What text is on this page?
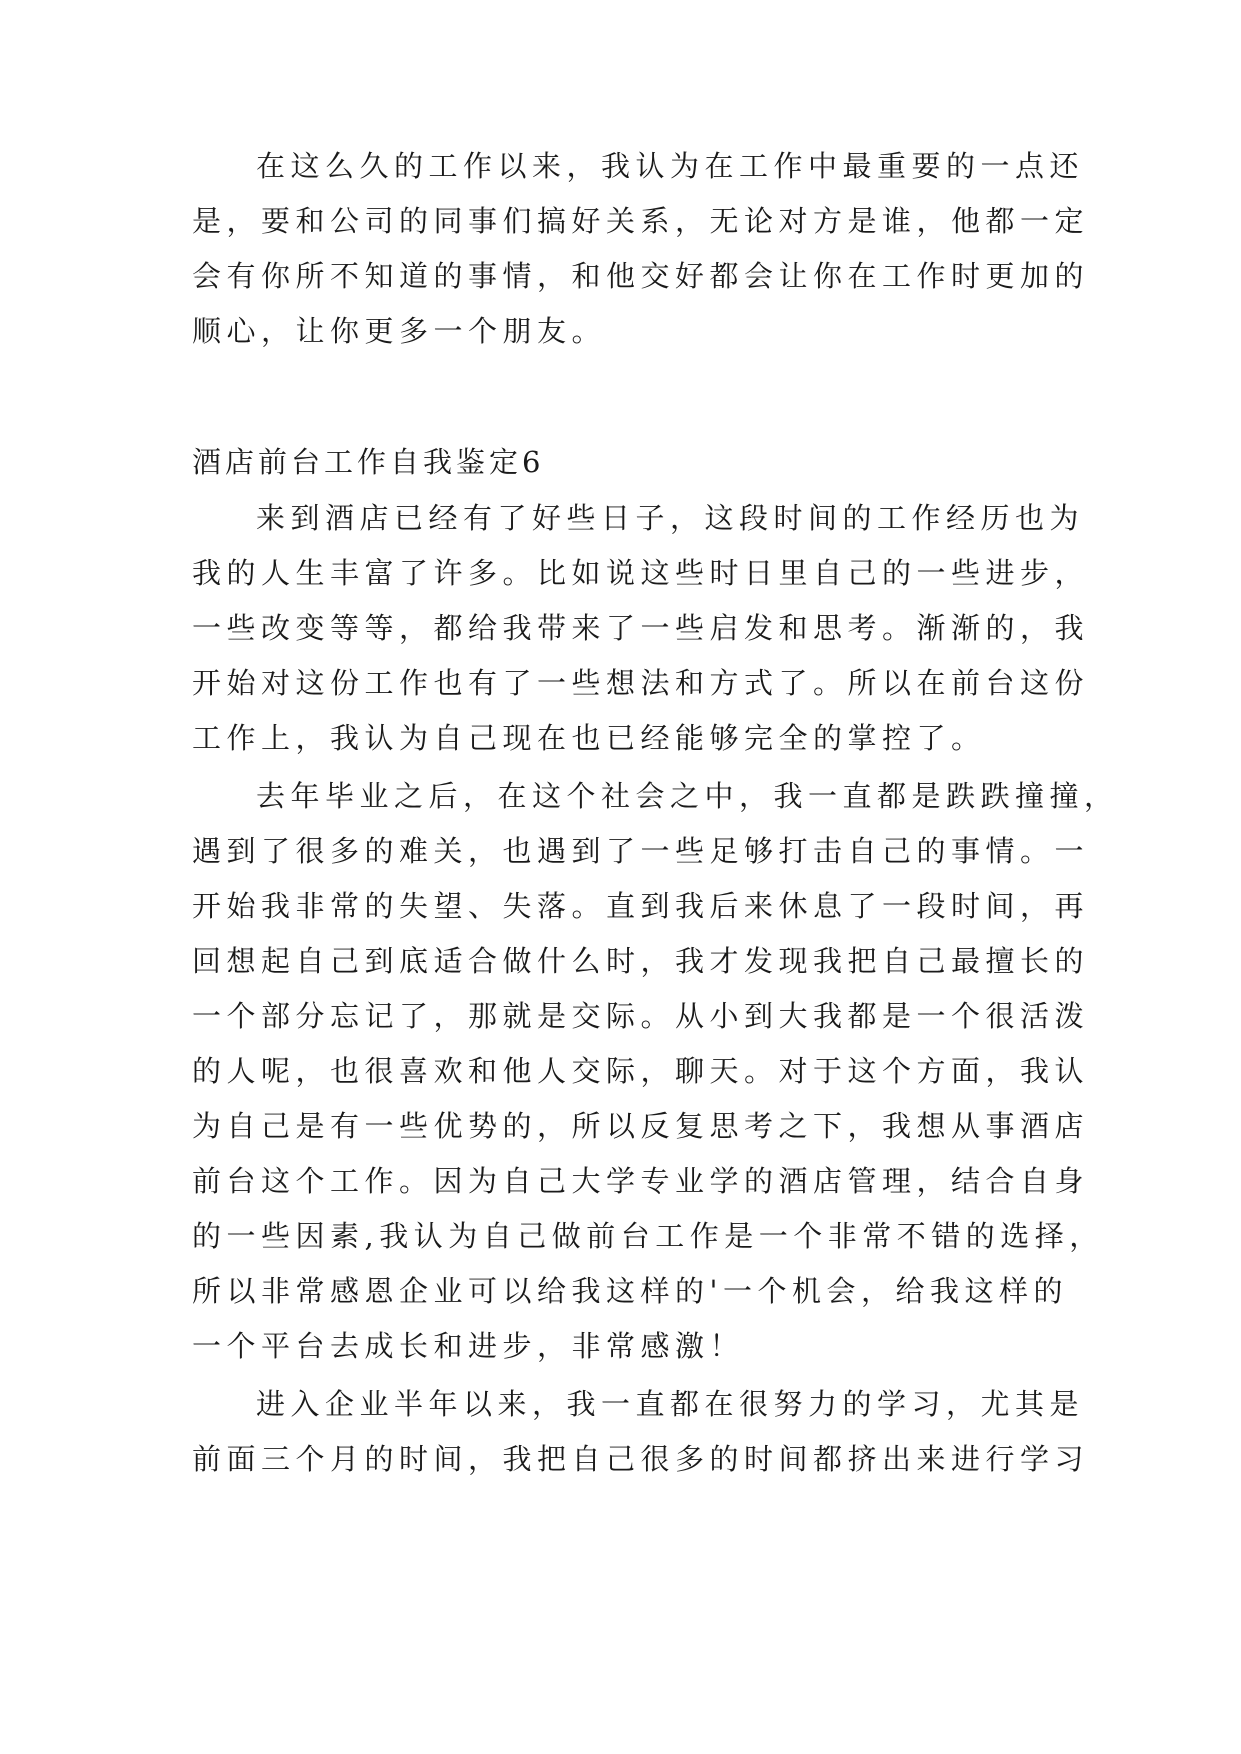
在这么久的工作以来，我认为在工作中最重要的一点还
是，要和公司的同事们搞好关系，无论对方是谁，他都一定
会有你所不知道的事情，和他交好都会让你在工作时更加的
顺心，让你更多一个朋友。
酒店前台工作自我鉴定6
来到酒店已经有了好些日子，这段时间的工作经历也为
我的人生丰富了许多。比如说这些时日里自己的一些进步，
一些改变等等，都给我带来了一些启发和思考。渐渐的，我
开始对这份工作也有了一些想法和方式了。所以在前台这份
工作上，我认为自己现在也已经能够完全的掌控了。
去年毕业之后，在这个社会之中，我一直都是跌跌撞撞，
遇到了很多的难关，也遇到了一些足够打击自己的事情。一
开始我非常的失望、失落。直到我后来休息了一段时间，再
回想起自己到底适合做什么时，我才发现我把自己最擅长的
一个部分忘记了，那就是交际。从小到大我都是一个很活泼
的人呢，也很喜欢和他人交际，聊天。对于这个方面，我认
为自己是有一些优势的，所以反复思考之下，我想从事酒店
前台这个工作。因为自己大学专业学的酒店管理，结合自身
的一些因素,我认为自己做前台工作是一个非常不错的选择，
所以非常感恩企业可以给我这样的'一个机会，给我这样的
一个平台去成长和进步，非常感激！
进入企业半年以来，我一直都在很努力的学习，尤其是
前面三个月的时间，我把自己很多的时间都挤出来进行学习
